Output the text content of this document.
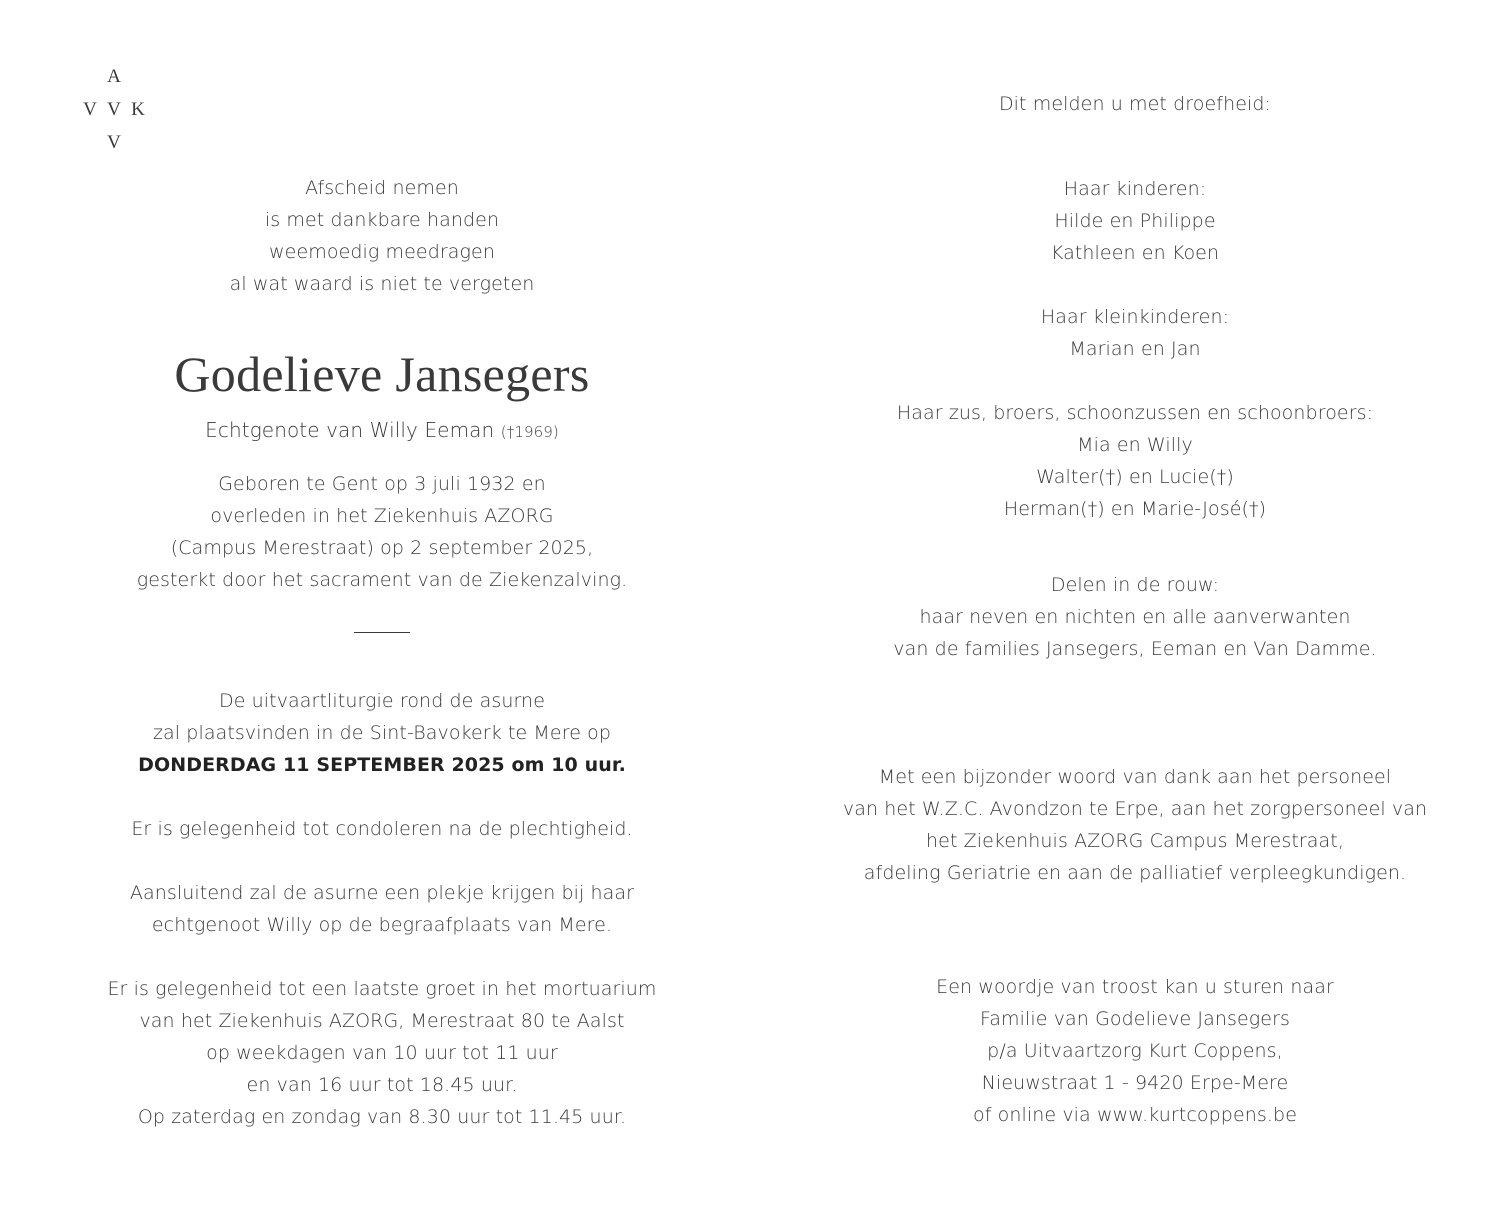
A
V V K
V
Afscheid nemen
is met dankbare handen
weemoedig meedragen
al wat waard is niet te vergeten
Godelieve Jansegers
Echtgenote van Willy Eeman (†1969)
Geboren te Gent op 3 juli 1932 en
overleden in het Ziekenhuis AZORG
(Campus Merestraat) op 2 september 2025,
gesterkt door het sacrament van de Ziekenzalving.
De uitvaartliturgie rond de asurne
zal plaatsvinden in de Sint-Bavokerk te Mere op
DONDERDAG 11 SEPTEMBER 2025 om 10 uur.
Er is gelegenheid tot condoleren na de plechtigheid.
Aansluitend zal de asurne een plekje krijgen bij haar
echtgenoot Willy op de begraafplaats van Mere.
Er is gelegenheid tot een laatste groet in het mortuarium
van het Ziekenhuis AZORG, Merestraat 80 te Aalst
op weekdagen van 10 uur tot 11 uur
en van 16 uur tot 18.45 uur.
Op zaterdag en zondag van 8.30 uur tot 11.45 uur.
Dit melden u met droefheid:
Haar kinderen:
Hilde en Philippe
Kathleen en Koen
Haar kleinkinderen:
Marian en Jan
Haar zus, broers, schoonzussen en schoonbroers:
Mia en Willy
Walter(†) en Lucie(†)
Herman(†) en Marie-José(†)
Delen in de rouw:
haar neven en nichten en alle aanverwanten
van de families Jansegers, Eeman en Van Damme.
Met een bijzonder woord van dank aan het personeel
van het W.Z.C. Avondzon te Erpe, aan het zorgpersoneel van
het Ziekenhuis AZORG Campus Merestraat,
afdeling Geriatrie en aan de palliatief verpleegkundigen.
Een woordje van troost kan u sturen naar
Familie van Godelieve Jansegers
p/a Uitvaartzorg Kurt Coppens,
Nieuwstraat 1 - 9420 Erpe-Mere
of online via www.kurtcoppens.be
